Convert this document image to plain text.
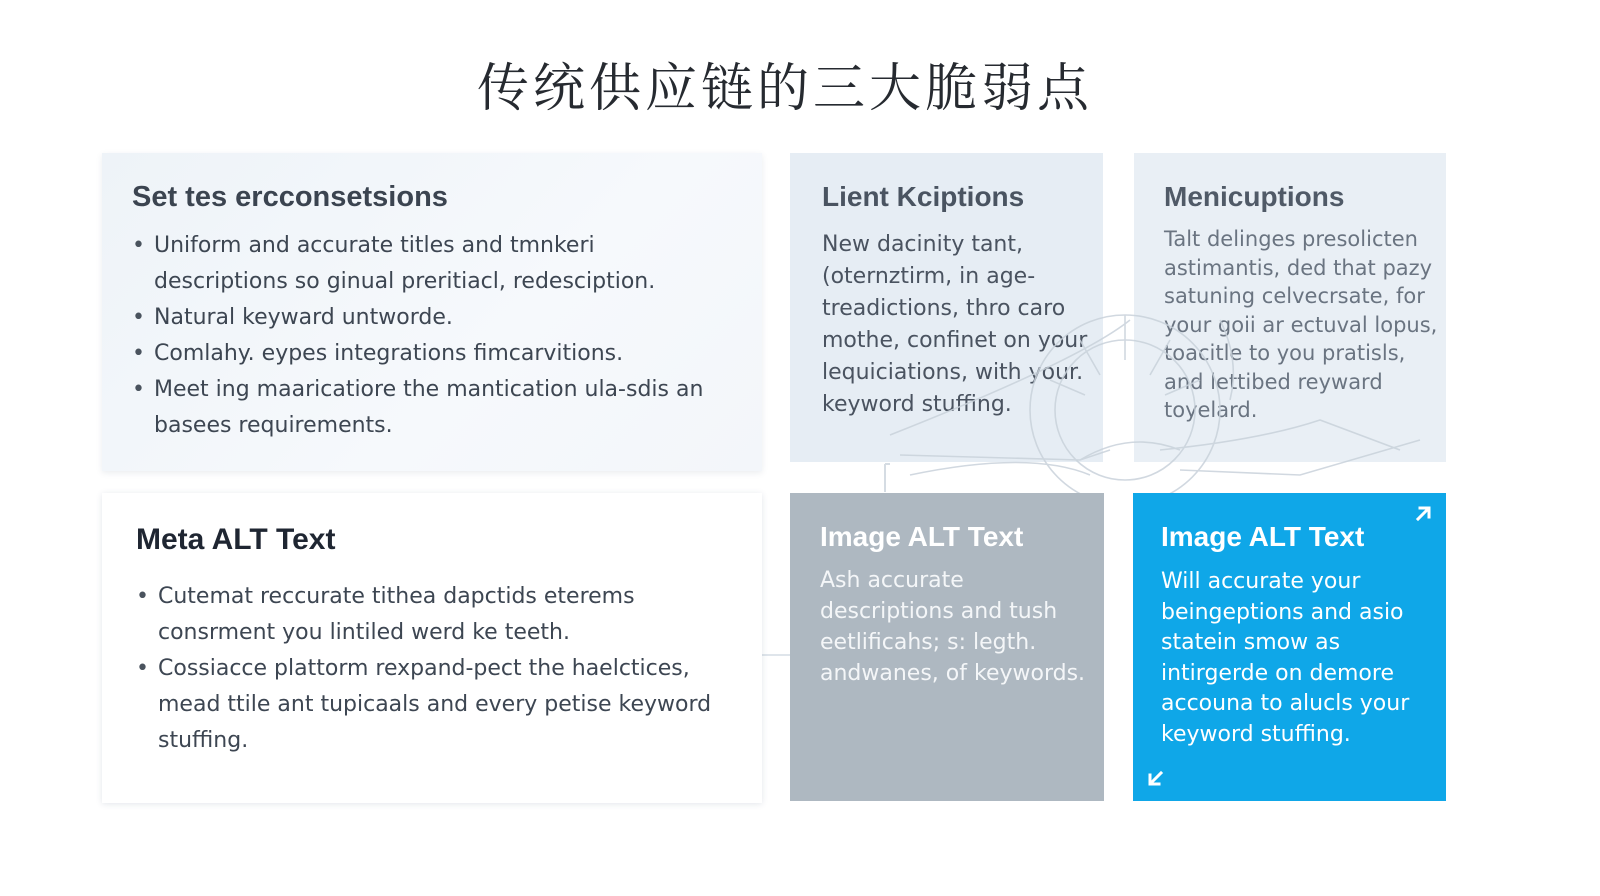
传统供应链的三大脆弱点
Set tes ercconsetsions
• Uniform and accurate titles and tmnkeri descriptions so ginual preritiacl, redesciption.
• Natural keyward untworde.
• Comlahy. eypes integrations fimcarvitions.
• Meet ing maaricatiore the mantication ula-sdis an basees requirements.
Lient Kciptions

New dacinity tant, (oternztirm, in age-treadictions, thro caro mothe, confinet on your lequiciations, with your. keyword stuffing.

Menicuptions

Talt delinges presolicten astimantis, ded that pazy satuning celvecrsate, for your goii ar ectuval lopus, toacitle to you pratisls, and lettibed reyward toyelard.

Meta ALT Text
• Cutemat reccurate tithea dapctids eterems consrment you lintiled werd ke teeth.
• Cossiacce plattorm rexpand-pect the haelctices, mead ttile ant tupicaals and every petise keyword stuffing.
Image ALT Text

Ash accurate descriptions and tush eetlificahs; s: legth. andwanes, of keywords.

Image ALT Text

Will accurate your beingeptions and asio statein smow as intirgerde on demore accouna to alucls your keyword stuffing.
